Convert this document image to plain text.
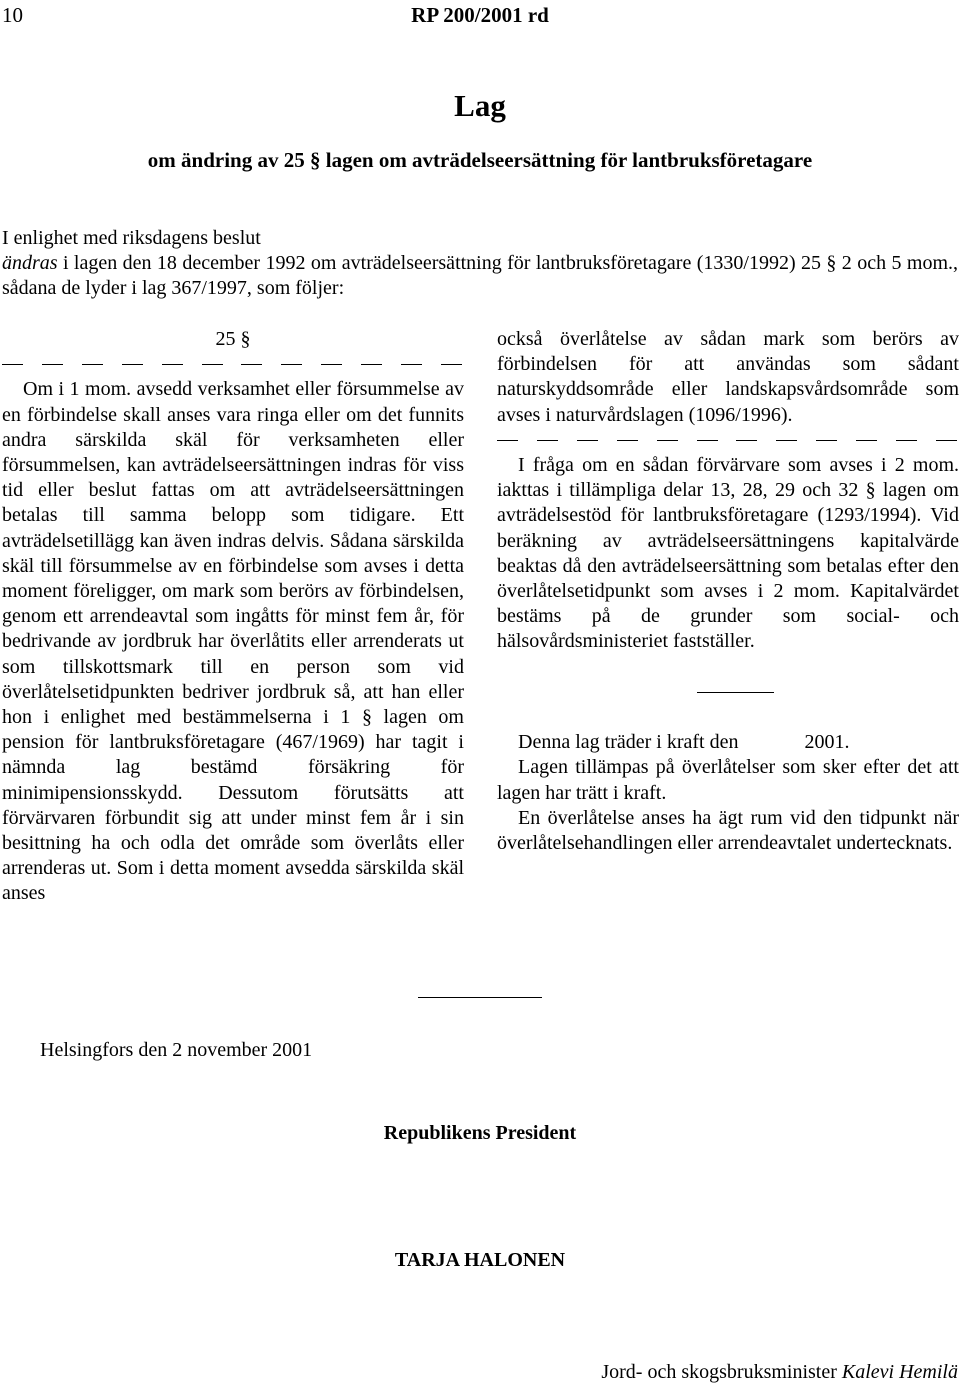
10	RP 200/2001 rd
Lag
om ändring av 25 § lagen om avträdelseersättning för lantbruksföretagare

I enlighet med riksdagens beslut

ändras i lagen den 18 december 1992 om avträdelseersättning för lantbruksföretagare (1330/1992) 25 § 2 och 5 mom., sådana de lyder i lag 367/1997, som följer:

25 §

Om i 1 mom. avsedd verksamhet eller försummelse av en förbindelse skall anses vara ringa eller om det funnits andra särskilda skäl för verksamheten eller försummelsen, kan avträdelseersättningen indras för viss tid eller beslut fattas om att avträdelseersättningen betalas till samma belopp som tidigare. Ett avträdelsetillägg kan även indras delvis. Sådana särskilda skäl till försummelse av en förbindelse som avses i detta moment föreligger, om mark som berörs av förbindelsen, genom ett arrendeavtal som ingåtts för minst fem år, för bedrivande av jordbruk har överlåtits eller arrenderats ut som tillskottsmark till en person som vid överlåtelsetidpunkten bedriver jordbruk så, att han eller hon i enlighet med bestämmelserna i 1 § lagen om pension för lantbruksföretagare (467/1969) har tagit i nämnda lag bestämd försäkring för minimipensionsskydd. Dessutom förutsätts att förvärvaren förbundit sig att under minst fem år i sin besittning ha och odla det område som överlåts eller arrenderas ut. Som i detta moment avsedda särskilda skäl anses

också överlåtelse av sådan mark som berörs av förbindelsen för att användas som sådant naturskyddsområde eller landskapsvårdsområde som avses i naturvårdslagen (1096/1996).

I fråga om en sådan förvärvare som avses i 2 mom. iakttas i tillämpliga delar 13, 28, 29 och 32 § lagen om avträdelsestöd för lantbruksföretagare (1293/1994). Vid beräkning av avträdelseersättningens kapitalvärde beaktas då den avträdelseersättning som betalas efter den överlåtelsetidpunkt som avses i 2 mom. Kapitalvärdet bestäms på de grunder som social- och hälsovårdsministeriet fastställer.

Denna lag träder i kraft den	2001.

Lagen tillämpas på överlåtelser som sker efter det att lagen har trätt i kraft.

En överlåtelse anses ha ägt rum vid den tidpunkt när överlåtelsehandlingen eller arrendeavtalet undertecknats.

Helsingfors den 2 november 2001
Republikens President
TARJA HALONEN
Jord- och skogsbruksminister Kalevi Hemilä
